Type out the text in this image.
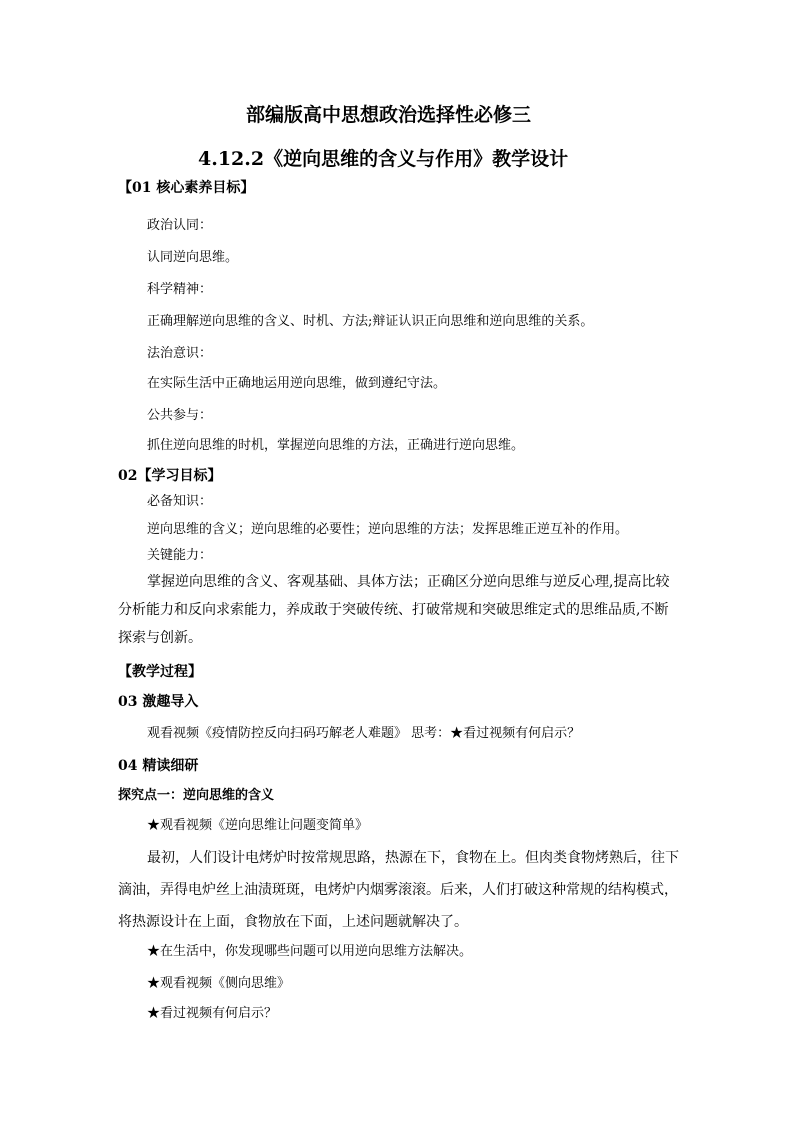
部编版高中思想政治选择性必修三
4.12.2《逆向思维的含义与作用》教学设计
【01 核心素养目标】
政治认同：
认同逆向思维。
科学精神：
正确理解逆向思维的含义、时机、方法;辩证认识正向思维和逆向思维的关系。
法治意识：
在实际生活中正确地运用逆向思维，做到遵纪守法。
公共参与：
抓住逆向思维的时机，掌握逆向思维的方法，正确进行逆向思维。
02【学习目标】
必备知识：
逆向思维的含义；逆向思维的必要性；逆向思维的方法；发挥思维正逆互补的作用。
关键能力：
掌握逆向思维的含义、客观基础、具体方法；正确区分逆向思维与逆反心理,提高比较
分析能力和反向求索能力，养成敢于突破传统、打破常规和突破思维定式的思维品质,不断
探索与创新。
【教学过程】
03 激趣导入
观看视频《疫情防控反向扫码巧解老人难题》 思考：★看过视频有何启示？
04 精读细研
探究点一：逆向思维的含义
★观看视频《逆向思维让问题变简单》
最初，人们设计电烤炉时按常规思路，热源在下，食物在上。但肉类食物烤熟后，往下
滴油，弄得电炉丝上油渍斑斑，电烤炉内烟雾滚滚。后来，人们打破这种常规的结构模式，
将热源设计在上面，食物放在下面，上述问题就解决了。
★在生活中，你发现哪些问题可以用逆向思维方法解决。
★观看视频《侧向思维》
★看过视频有何启示？
